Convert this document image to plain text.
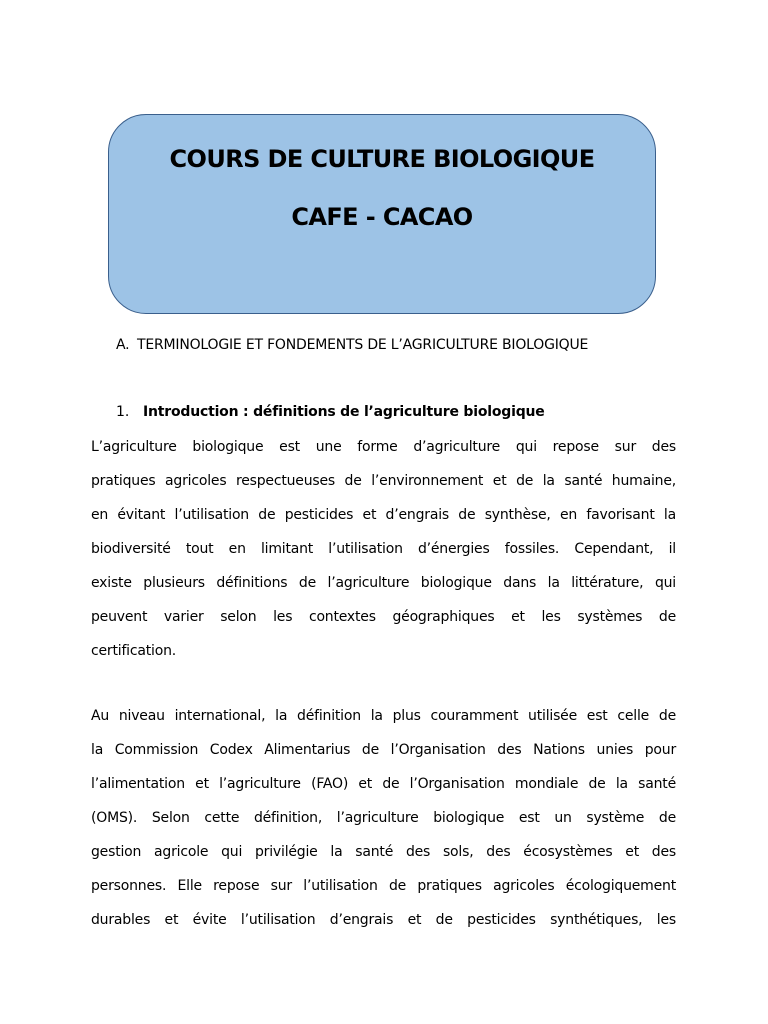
COURS DE CULTURE BIOLOGIQUE
CAFE - CACAO
A. TERMINOLOGIE ET FONDEMENTS DE L’AGRICULTURE BIOLOGIQUE
1. Introduction : définitions de l’agriculture biologique
L’agriculture biologique est une forme d’agriculture qui repose sur des
pratiques agricoles respectueuses de l’environnement et de la santé humaine,
en évitant l’utilisation de pesticides et d’engrais de synthèse, en favorisant la
biodiversité tout en limitant l’utilisation d’énergies fossiles. Cependant, il
existe plusieurs définitions de l’agriculture biologique dans la littérature, qui
peuvent varier selon les contextes géographiques et les systèmes de
certification.
Au niveau international, la définition la plus couramment utilisée est celle de
la Commission Codex Alimentarius de l’Organisation des Nations unies pour
l’alimentation et l’agriculture (FAO) et de l’Organisation mondiale de la santé
(OMS). Selon cette définition, l’agriculture biologique est un système de
gestion agricole qui privilégie la santé des sols, des écosystèmes et des
personnes. Elle repose sur l’utilisation de pratiques agricoles écologiquement
durables et évite l’utilisation d’engrais et de pesticides synthétiques, les
